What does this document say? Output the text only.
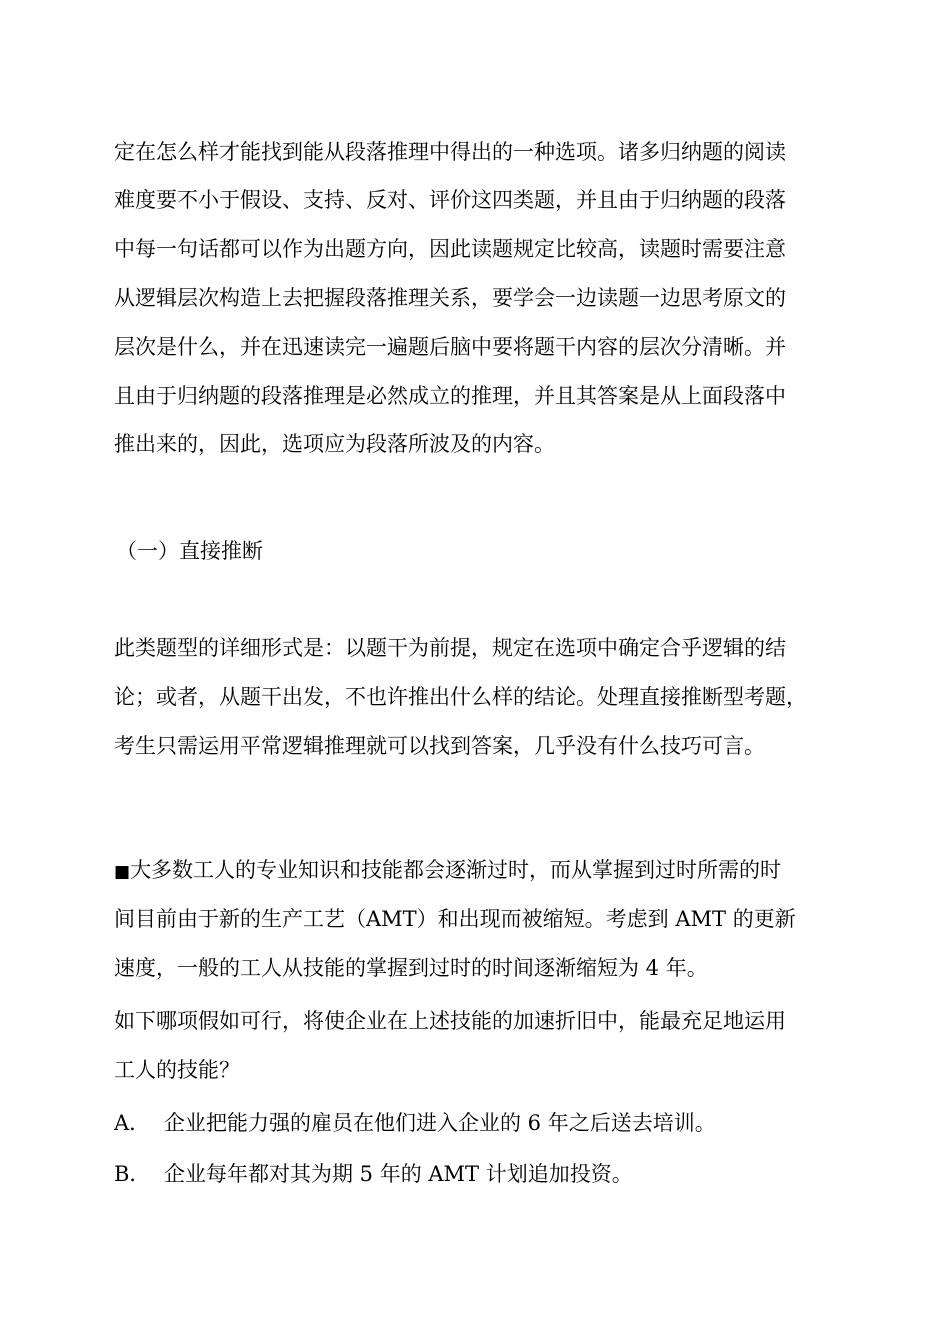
定在怎么样才能找到能从段落推理中得出的一种选项。诸多归纳题的阅读
难度要不小于假设、支持、反对、评价这四类题，并且由于归纳题的段落
中每一句话都可以作为出题方向，因此读题规定比较高，读题时需要注意
从逻辑层次构造上去把握段落推理关系，要学会一边读题一边思考原文的
层次是什么，并在迅速读完一遍题后脑中要将题干内容的层次分清晰。并
且由于归纳题的段落推理是必然成立的推理，并且其答案是从上面段落中
推出来的，因此，选项应为段落所波及的内容。
（一）直接推断
此类题型的详细形式是：以题干为前提，规定在选项中确定合乎逻辑的结
论；或者，从题干出发，不也许推出什么样的结论。处理直接推断型考题，
考生只需运用平常逻辑推理就可以找到答案，几乎没有什么技巧可言。
■大多数工人的专业知识和技能都会逐渐过时，而从掌握到过时所需的时
间目前由于新的生产工艺（AMT）和出现而被缩短。考虑到 AMT 的更新
速度，一般的工人从技能的掌握到过时的时间逐渐缩短为 4 年。
如下哪项假如可行，将使企业在上述技能的加速折旧中，能最充足地运用
工人的技能？
A． 企业把能力强的雇员在他们进入企业的 6 年之后送去培训。
B． 企业每年都对其为期 5 年的 AMT 计划追加投资。
